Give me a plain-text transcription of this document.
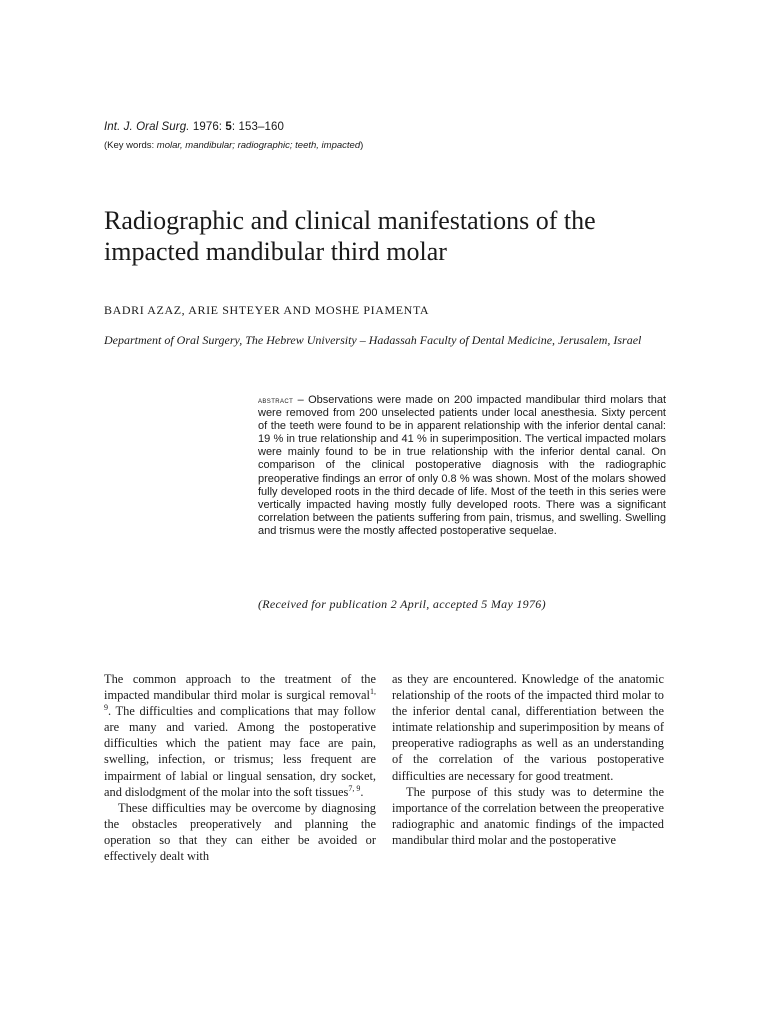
Int. J. Oral Surg. 1976: 5: 153–160
(Key words: molar, mandibular; radiographic; teeth, impacted)
Radiographic and clinical manifestations of the impacted mandibular third molar
BADRI AZAZ, ARIE SHTEYER AND MOSHE PIAMENTA
Department of Oral Surgery, The Hebrew University – Hadassah Faculty of Dental Medicine, Jerusalem, Israel

abstract – Observations were made on 200 impacted mandibular third molars that were removed from 200 unselected patients under local anesthesia. Sixty percent of the teeth were found to be in apparent relationship with the inferior dental canal: 19 % in true relationship and 41 % in superimposition. The vertical impacted molars were mainly found to be in true relationship with the inferior dental canal. On comparison of the clinical postoperative diagnosis with the radiographic preoperative findings an error of only 0.8 % was shown. Most of the molars showed fully developed roots in the third decade of life. Most of the teeth in this series were vertically impacted having mostly fully developed roots. There was a significant correlation between the patients suffering from pain, trismus, and swelling. Swelling and trismus were the mostly affected postoperative sequelae.

(Received for publication 2 April, accepted 5 May 1976)

The common approach to the treatment of the impacted mandibular third molar is surgical removal$^{1, 9}$. The difficulties and complications that may follow are many and varied. Among the postoperative difficulties which the patient may face are pain, swelling, infection, or trismus; less frequent are impairment of labial or lingual sensation, dry socket, and dislodgment of the molar into the soft tissues$^{7, 9}$.

These difficulties may be overcome by diagnosing the obstacles preoperatively and planning the operation so that they can either be avoided or effectively dealt with

as they are encountered. Knowledge of the anatomic relationship of the roots of the impacted third molar to the inferior dental canal, differentiation between the intimate relationship and superimposition by means of preoperative radiographs as well as an understanding of the correlation of the various postoperative difficulties are necessary for good treatment.

The purpose of this study was to determine the importance of the correlation between the preoperative radiographic and anatomic findings of the impacted mandibular third molar and the postoperative
